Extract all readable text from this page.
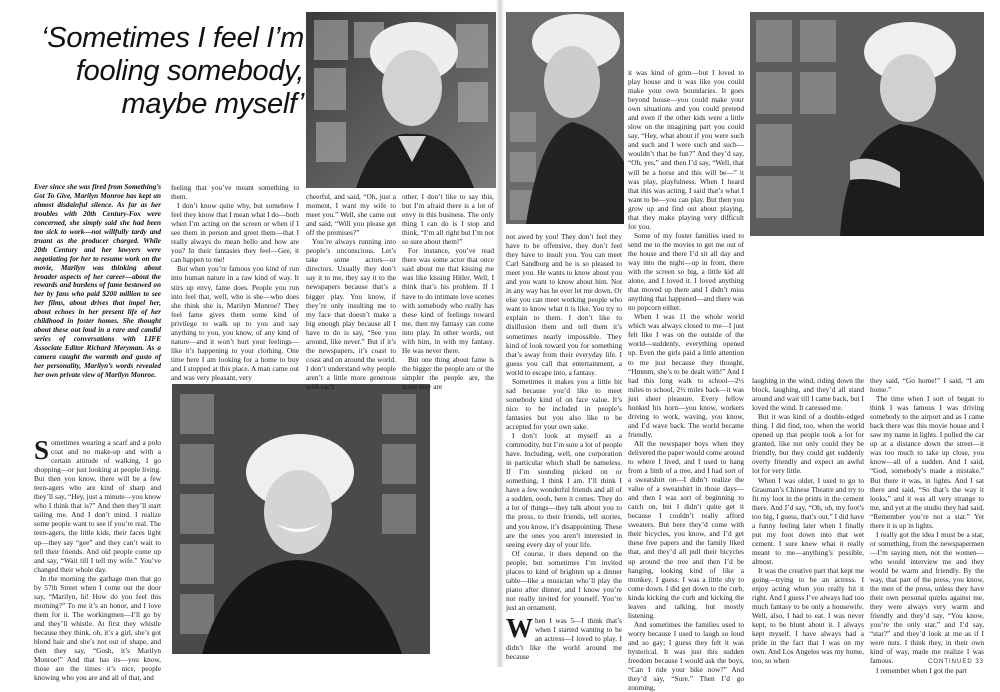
‘Sometimes I feel I’m fooling somebody, maybe myself’
Ever since she was fired from Something’s Got To Give, Marilyn Monroe has kept an almost disdainful silence. As far as her troubles with 20th Century-Fox were concerned, she simply said she had been too sick to work—not willfully tardy and truant as the producer charged. While 20th Century and her lawyers were negotiating for her to resume work on the movie, Marilyn was thinking about broader aspects of her career—about the rewards and burdens of fame bestowed on her by fans who paid $200 million to see her films, about drives that impel her, about echoes in her present life of her childhood in foster homes. She thought about these out loud in a rare and candid series of conversations with LIFE Associate Editor Richard Meryman. As a camera caught the warmth and gusto of her personality, Marilyn’s words revealed her own private view of Marilyn Monroe.

Sometimes wearing a scarf and a polo coat and no make-up and with a certain attitude of walking, I go shopping—or just looking at people living. But then you know, there will be a few teen-agers who are kind of sharp and they’ll say, “Hey, just a minute—you know who I think that is?” And then they’ll start tailing me. And I don’t mind. I realize some people want to see if you’re real. The teen-agers, the little kids, their faces light up—they say “gee” and they can’t wait to tell their friends. And old people come up and say, “Wait till I tell my wife.” You’ve changed their whole day.

In the morning the garbage men that go by 57th Street when I come out the door say, “Marilyn, hi! How do you feel this morning?” To me it’s an honor, and I love them for it. The workingmen—I’ll go by and they’ll whistle. At first they whistle because they think, oh, it’s a girl, she’s got blond hair and she’s not out of shape, and then they say, “Gosh, it’s Marilyn Monroe!” And that has its—you know, those are the times it’s nice, people knowing who you are and all of that, and

feeling that you’ve meant something to them.

I don’t know quite why, but somehow I feel they know that I mean what I do—both when I’m acting on the screen or when if I see them in person and greet them—that I really always do mean hello and how are you? In their fantasies they feel—Gee, it can happen to me!

But when you’re famous you kind of run into human nature in a raw kind of way. It stirs up envy, fame does. People you run into feel that, well, who is she—who does she think she is, Marilyn Monroe? They feel fame gives them some kind of privilege to walk up to you and say anything to you, you know, of any kind of nature—and it won’t hurt your feelings—like it’s happening to your clothing. One time here I am looking for a home to buy and I stopped at this place. A man came out and was very pleasant, very

cheerful, and said, “Oh, just a moment, I want my wife to meet you.” Well, she came out and said, “Will you please get off the premises?”

You’re always running into people’s unconscious. Let’s take some actors—or directors. Usually they don’t say it to me, they say it to the newspapers because that’s a bigger play. You know, if they’re only insulting me to my face that doesn’t make a big enough play because all I have to do is say, “See you around, like never.” But if it’s the newspapers, it’s coast to coast and on around the world. I don’t understand why people aren’t a little more generous with each

other. I don’t like to say this, but I’m afraid there is a lot of envy in this business. The only thing I can do is I stop and think, “I’m all right but I’m not so sure about them!”

For instance, you’ve read there was some actor that once said about me that kissing me was like kissing Hitler. Well, I think that’s his problem. If I have to do intimate love scenes with somebody who really has these kind of feelings toward me, then my fantasy can come into play. In other words, out with him, in with my fantasy. He was never there.

But one thing about fame is the bigger the people are or the simpler the people are, the more they are

it was kind of grim—but I loved to play house and it was like you could make your own boundaries. It goes beyond house—you could make your own situations and you could pretend and even if the other kids were a little slow on the imagining part you could say, “Hey, what about if you were such and such and I were such and such—wouldn’t that be fun?” And they’d say, “Oh, yes,” and then I’d say, “Well, that will be a horse and this will be—” it was play, playfulness. When I heard that this was acting, I said that’s what I want to be—you can play. But then you grow up and find out about playing, that they make playing very difficult for you.

Some of my foster families used to send me to the movies to get me out of the house and there I’d sit all day and way into the night—up in front, there with the screen so big, a little kid all alone, and I loved it. I loved anything that moved up there and I didn’t miss anything that happened—and there was no popcorn either.

When I was 11 the whole world which was always closed to me—I just felt like I was on the outside of the world—suddenly, everything opened up. Even the girls paid a little attention to me just because they thought, “Hmmm, she’s to be dealt with!” And I had this long walk to school—2½ miles to school, 2½ miles back—it was just sheer pleasure. Every fellow honked his horn—you know, workers driving to work, waving, you know, and I’d wave back. The world became friendly.

All the newspaper boys when they delivered the paper would come around to where I lived, and I used to hang from a limb of a tree, and I had sort of a sweatshirt on—I didn’t realize the value of a sweatshirt in those days—and then I was sort of beginning to catch on, but I didn’t quite get it because I couldn’t really afford sweaters. But here they’d come with their bicycles, you know, and I’d get these free papers and the family liked that, and they’d all pull their bicycles up around the tree and then I’d be hanging, looking kind of like a monkey, I guess. I was a little shy to come down. I did get down to the curb, kinda kicking the curb and kicking the leaves and talking, but mostly listening.

And sometimes the families used to worry because I used to laugh so loud and so gay; I guess they felt it was hysterical. It was just this sudden freedom because I would ask the boys, “Can I ride your bike now?” And they’d say, “Sure.” Then I’d go zooming,

not awed by you! They don’t feel they have to be offensive, they don’t feel they have to insult you. You can meet Carl Sandburg and he is so pleased to meet you. He wants to know about you and you want to know about him. Not in any way has he ever let me down. Or else you can meet working people who want to know what it is like. You try to explain to them. I don’t like to disillusion them and tell them it’s sometimes nearly impossible. They kind of look toward you for something that’s away from their everyday life. I guess you call that entertainment, a world to escape into, a fantasy.

Sometimes it makes you a little bit sad because you’d like to meet somebody kind of on face value. It’s nice to be included in people’s fantasies but you also like to be accepted for your own sake.

I don’t look at myself as a commodity, but I’m sure a lot of people have. Including, well, one corporation in particular which shall be nameless. If I’m sounding picked on or something, I think I am. I’ll think I have a few wonderful friends and all of a sudden, oooh, here it comes. They do a lot of things—they talk about you to the press, to their friends, tell stories, and you know, it’s disappointing. These are the ones you aren’t interested in seeing every day of your life.

Of course, it does depend on the people, but sometimes I’m invited places to kind of brighten up a dinner table—like a musician who’ll play the piano after dinner, and I know you’re not really invited for yourself. You’re just an ornament.

When I was 5—I think that’s when I started wanting to be an actress—I loved to play. I didn’t like the world around me because

laughing in the wind, riding down the block, laughing, and they’d all stand around and wait till I came back, but I loved the wind. It caressed me.

But it was kind of a double-edged thing. I did find, too, when the world opened up that people took a lot for granted, like not only could they be friendly, but they could get suddenly overly friendly and expect an awful lot for very little.

When I was older, I used to go to Grauman’s Chinese Theatre and try to fit my foot in the prints in the cement there. And I’d say, “Oh, oh, my foot’s too big, I guess, that’s out.” I did have a funny feeling later when I finally put my foot down into that wet cement. I sure knew what it really meant to me—anything’s possible, almost.

It was the creative part that kept me going—trying to be an actress. I enjoy acting when you really hit it right. And I guess I’ve always had too much fantasy to be only a housewife. Well, also, I had to eat. I was never kept, to be blunt about it. I always kept myself. I have always had a pride in the fact that I was on my own. And Los Angeles was my home, too, so when

they said, “Go home!” I said, “I am home.”

The time when I sort of began to think I was famous I was driving somebody to the airport and as I came back there was this movie house and I saw my name in lights. I pulled the car up at a distance down the street—it was too much to take up close, you know—all of a sudden. And I said, “God, somebody’s made a mistake.” But there it was, in lights. And I sat there and said, “So that’s the way it looks,” and it was all very strange to me, and yet at the studio they had said, “Remember you’re not a star.” Yet there it is up in lights.

I really got the idea I must be a star, or something, from the newspapermen—I’m saying men, not the women—who would interview me and they would be warm and friendly. By the way, that part of the press, you know, the men of the press, unless they have their own personal quirks against me, they were always very warm and friendly and they’d say, “You know, you’re the only star,” and I’d say, “star?” and they’d look at me as if I were nuts. I think they, in their own kind of way, made me realize I was famous.

I remember when I got the part

CONTINUED 33
